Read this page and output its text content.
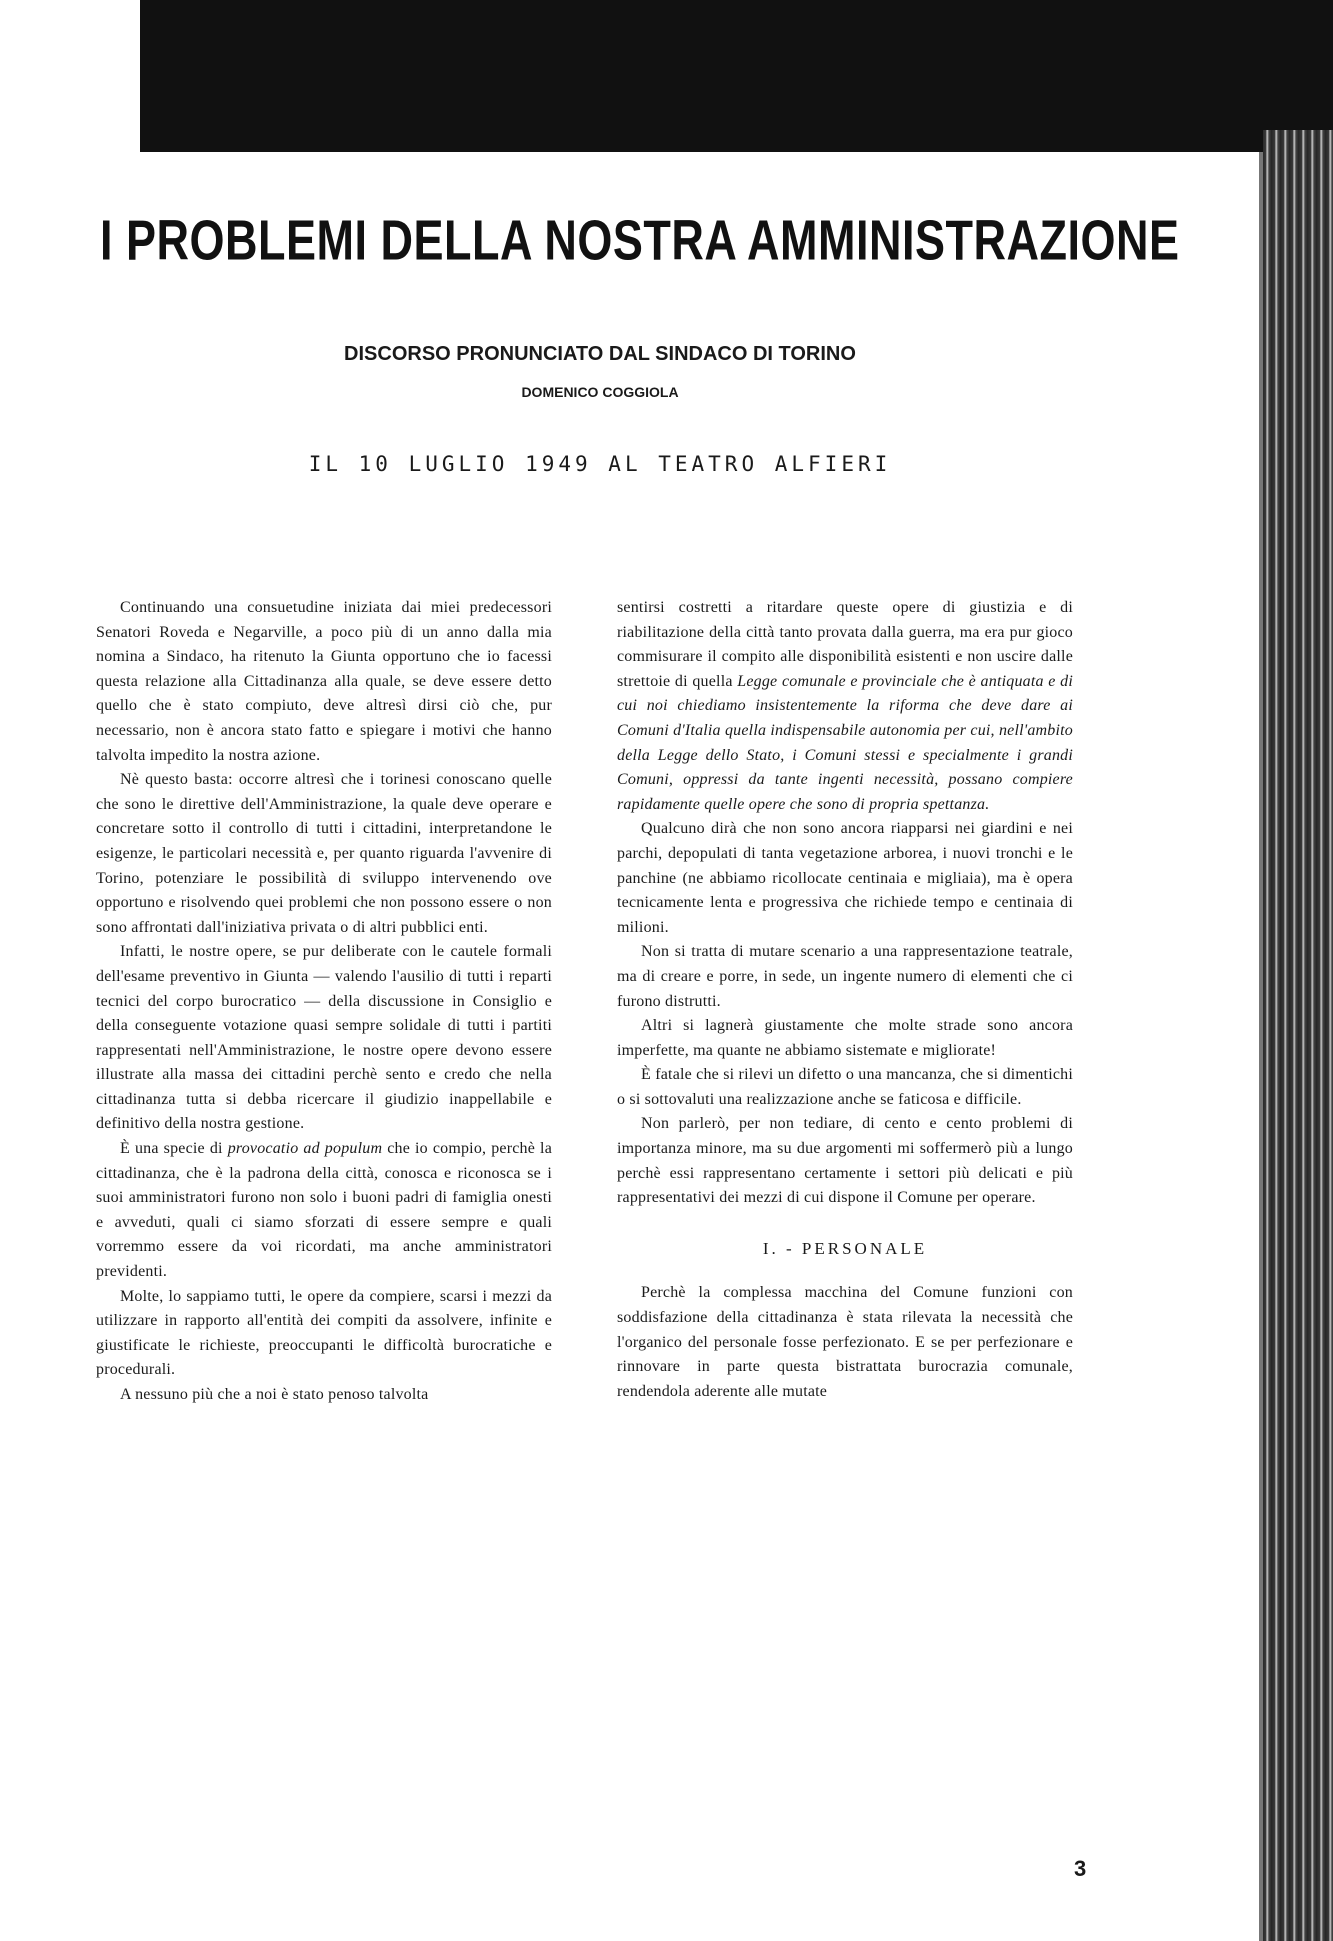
I PROBLEMI DELLA NOSTRA AMMINISTRAZIONE
DISCORSO PRONUNCIATO DAL SINDACO DI TORINO
DOMENICO COGGIOLA
IL 10 LUGLIO 1949 AL TEATRO ALFIERI

Continuando una consuetudine iniziata dai miei predecessori Senatori Roveda e Negarville, a poco più di un anno dalla mia nomina a Sindaco, ha ritenuto la Giunta opportuno che io facessi questa relazione alla Cittadinanza alla quale, se deve essere detto quello che è stato compiuto, deve altresì dirsi ciò che, pur necessario, non è ancora stato fatto e spiegare i motivi che hanno talvolta impedito la nostra azione.

Nè questo basta: occorre altresì che i torinesi conoscano quelle che sono le direttive dell'Amministrazione, la quale deve operare e concretare sotto il controllo di tutti i cittadini, interpretandone le esigenze, le particolari necessità e, per quanto riguarda l'avvenire di Torino, potenziare le possibilità di sviluppo intervenendo ove opportuno e risolvendo quei problemi che non possono essere o non sono affrontati dall'iniziativa privata o di altri pubblici enti.

Infatti, le nostre opere, se pur deliberate con le cautele formali dell'esame preventivo in Giunta — valendo l'ausilio di tutti i reparti tecnici del corpo burocratico — della discussione in Consiglio e della conseguente votazione quasi sempre solidale di tutti i partiti rappresentati nell'Amministrazione, le nostre opere devono essere illustrate alla massa dei cittadini perchè sento e credo che nella cittadinanza tutta si debba ricercare il giudizio inappellabile e definitivo della nostra gestione.

È una specie di provocatio ad populum che io compio, perchè la cittadinanza, che è la padrona della città, conosca e riconosca se i suoi amministratori furono non solo i buoni padri di famiglia onesti e avveduti, quali ci siamo sforzati di essere sempre e quali vorremmo essere da voi ricordati, ma anche amministratori previdenti.

Molte, lo sappiamo tutti, le opere da compiere, scarsi i mezzi da utilizzare in rapporto all'entità dei compiti da assolvere, infinite e giustificate le richieste, preoccupanti le difficoltà burocratiche e procedurali.

A nessuno più che a noi è stato penoso talvolta

sentirsi costretti a ritardare queste opere di giustizia e di riabilitazione della città tanto provata dalla guerra, ma era pur gioco commisurare il compito alle disponibilità esistenti e non uscire dalle strettoie di quella Legge comunale e provinciale che è antiquata e di cui noi chiediamo insistentemente la riforma che deve dare ai Comuni d'Italia quella indispensabile autonomia per cui, nell'ambito della Legge dello Stato, i Comuni stessi e specialmente i grandi Comuni, oppressi da tante ingenti necessità, possano compiere rapidamente quelle opere che sono di propria spettanza.

Qualcuno dirà che non sono ancora riapparsi nei giardini e nei parchi, depopulati di tanta vegetazione arborea, i nuovi tronchi e le panchine (ne abbiamo ricollocate centinaia e migliaia), ma è opera tecnicamente lenta e progressiva che richiede tempo e centinaia di milioni.

Non si tratta di mutare scenario a una rappresentazione teatrale, ma di creare e porre, in sede, un ingente numero di elementi che ci furono distrutti.

Altri si lagnerà giustamente che molte strade sono ancora imperfette, ma quante ne abbiamo sistemate e migliorate!

È fatale che si rilevi un difetto o una mancanza, che si dimentichi o si sottovaluti una realizzazione anche se faticosa e difficile.

Non parlerò, per non tediare, di cento e cento problemi di importanza minore, ma su due argomenti mi soffermerò più a lungo perchè essi rappresentano certamente i settori più delicati e più rappresentativi dei mezzi di cui dispone il Comune per operare.

I. - PERSONALE

Perchè la complessa macchina del Comune funzioni con soddisfazione della cittadinanza è stata rilevata la necessità che l'organico del personale fosse perfezionato. E se per perfezionare e rinnovare in parte questa bistrattata burocrazia comunale, rendendola aderente alle mutate

3
